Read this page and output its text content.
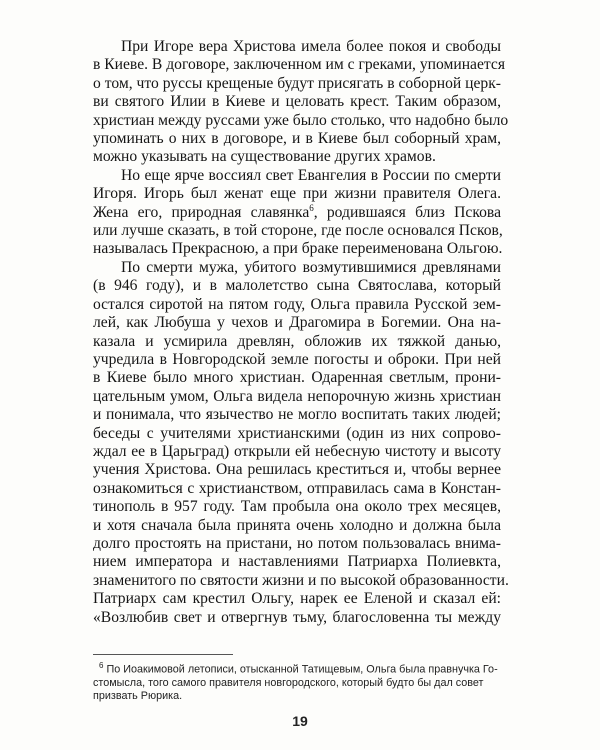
При Игоре вера Христова имела более покоя и свободы
в Киеве. В договоре, заключенном им с греками, упоминается
о том, что руссы крещеные будут присягать в соборной церк-
ви святого Илии в Киеве и целовать крест. Таким образом,
христиан между руссами уже было столько, что надобно было
упоминать о них в договоре, и в Киеве был соборный храм,
можно указывать на существование других храмов.
Но еще ярче воссиял свет Евангелия в России по смерти
Игоря. Игорь был женат еще при жизни правителя Олега.
Жена его, природная славянка$^6$, родившаяся близ Пскова
или лучше сказать, в той стороне, где после основался Псков,
называлась Прекрасною, а при браке переименована Ольгою.
По смерти мужа, убитого возмутившимися древлянами
(в 946 году), и в малолетство сына Святослава, который
остался сиротой на пятом году, Ольга правила Русской зем-
лей, как Любуша у чехов и Драгомира в Богемии. Она на-
казала и усмирила древлян, обложив их тяжкой данью,
учредила в Новгородской земле погосты и оброки. При ней
в Киеве было много христиан. Одаренная светлым, прони-
цательным умом, Ольга видела непорочную жизнь христиан
и понимала, что язычество не могло воспитать таких людей;
беседы с учителями христианскими (один из них сопрово-
ждал ее в Царьград) открыли ей небесную чистоту и высоту
учения Христова. Она решилась креститься и, чтобы вернее
ознакомиться с христианством, отправилась сама в Констан-
тинополь в 957 году. Там пробыла она около трех месяцев,
и хотя сначала была принята очень холодно и должна была
долго простоять на пристани, но потом пользовалась внима-
нием императора и наставлениями Патриарха Полиевкта,
знаменитого по святости жизни и по высокой образованности.
Патриарх сам крестил Ольгу, нарек ее Еленой и сказал ей:
«Возлюбив свет и отвергнув тьму, благословенна ты между
$^6$ По Иоакимовой летописи, отысканной Татищевым, Ольга была правнучка Го-
стомысла, того самого правителя новгородского, который будто бы дал совет
призвать Рюрика.
19
